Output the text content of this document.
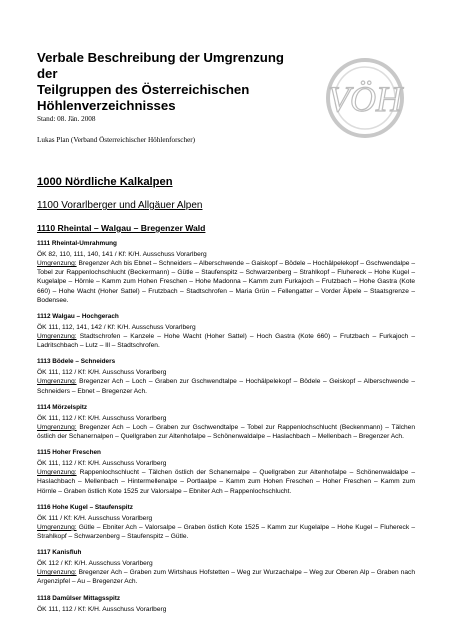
VÖH
Verbale Beschreibung der Umgrenzung der
Teilgruppen des Österreichischen
Höhlenverzeichnisses
Stand: 08. Jän. 2008
Lukas Plan (Verband Österreichischer Höhlenforscher)
1000 Nördliche Kalkalpen
1100 Vorarlberger und Allgäuer Alpen
1110 Rheintal – Walgau – Bregenzer Wald
1111 Rheintal-Umrahmung
ÖK 82, 110, 111, 140, 141 / Kf: K/H. Ausschuss Vorarlberg
Umgrenzung: Bregenzer Ach bis Ebnet – Schneiders – Alberschwende – Gaiskopf – Bödele – Hochälpelekopf – Gschwendalpe – Tobel zur Rappenlochschlucht (Beckermann) – Gütle – Staufenspitz – Schwarzenberg – Strahlkopf – Fluhereck – Hohe Kugel – Kugelalpe – Hörnle – Kamm zum Hohen Freschen – Hohe Madonna – Kamm zum Furkajoch – Frutzbach – Hohe Gastra (Kote 660) – Hohe Wacht (Hoher Sattel) – Frutzbach – Stadtschrofen – Maria Grün – Fellengatter – Vorder Älpele – Staatsgrenze – Bodensee.
1112 Walgau – Hochgerach
ÖK 111, 112, 141, 142 / Kf: K/H. Ausschuss Vorarlberg
Umgrenzung: Stadtschrofen – Kanzele – Hohe Wacht (Hoher Sattel) – Hoch Gastra (Kote 660) – Frutzbach – Furkajoch – Ladritschbach – Lutz – Ill – Stadtschrofen.
1113 Bödele – Schneiders
ÖK 111, 112 / Kf: K/H. Ausschuss Vorarlberg
Umgrenzung: Bregenzer Ach – Loch – Graben zur Gschwendtalpe – Hochälpelekopf – Bödele – Geiskopf – Alberschwende – Schneiders – Ebnet – Bregenzer Ach.
1114 Mörzelspitz
ÖK 111, 112 / Kf: K/H. Ausschuss Vorarlberg
Umgrenzung: Bregenzer Ach – Loch – Graben zur Gschwendtalpe – Tobel zur Rappenlochschlucht (Beckenmann) – Tälchen östlich der Schanernalpen – Quellgraben zur Altenhofalpe – Schönenwaldalpe – Haslachbach – Mellenbach – Bregenzer Ach.
1115 Hoher Freschen
ÖK 111, 112 / Kf: K/H. Ausschuss Vorarlberg
Umgrenzung: Rappenlochschlucht – Tälchen östlich der Schanernalpe – Quellgraben zur Altenhofalpe – Schönenwaldalpe – Haslachbach – Mellenbach – Hintermellenalpe – Portlaalpe – Kamm zum Hohen Freschen – Hoher Freschen – Kamm zum Hörnle – Graben östlich Kote 1525 zur Valorsalpe – Ebniter Ach – Rappenlochschlucht.
1116 Hohe Kugel – Staufenspitz
ÖK 111 / Kf: K/H. Ausschuss Vorarlberg
Umgrenzung: Gütle – Ebniter Ach – Valorsalpe – Graben östlich Kote 1525 – Kamm zur Kugelalpe – Hohe Kugel – Fluhereck – Strahlkopf – Schwarzenberg – Staufenspitz – Gütle.
1117 Kanisfluh
ÖK 112 / Kf: K/H. Ausschuss Vorarlberg
Umgrenzung: Bregenzer Ach – Graben zum Wirtshaus Hofstetten – Weg zur Wurzachalpe – Weg zur Oberen Alp – Graben nach Argenzipfel – Au – Bregenzer Ach.
1118 Damülser Mittagsspitz
ÖK 111, 112 / Kf: K/H. Ausschuss Vorarlberg
